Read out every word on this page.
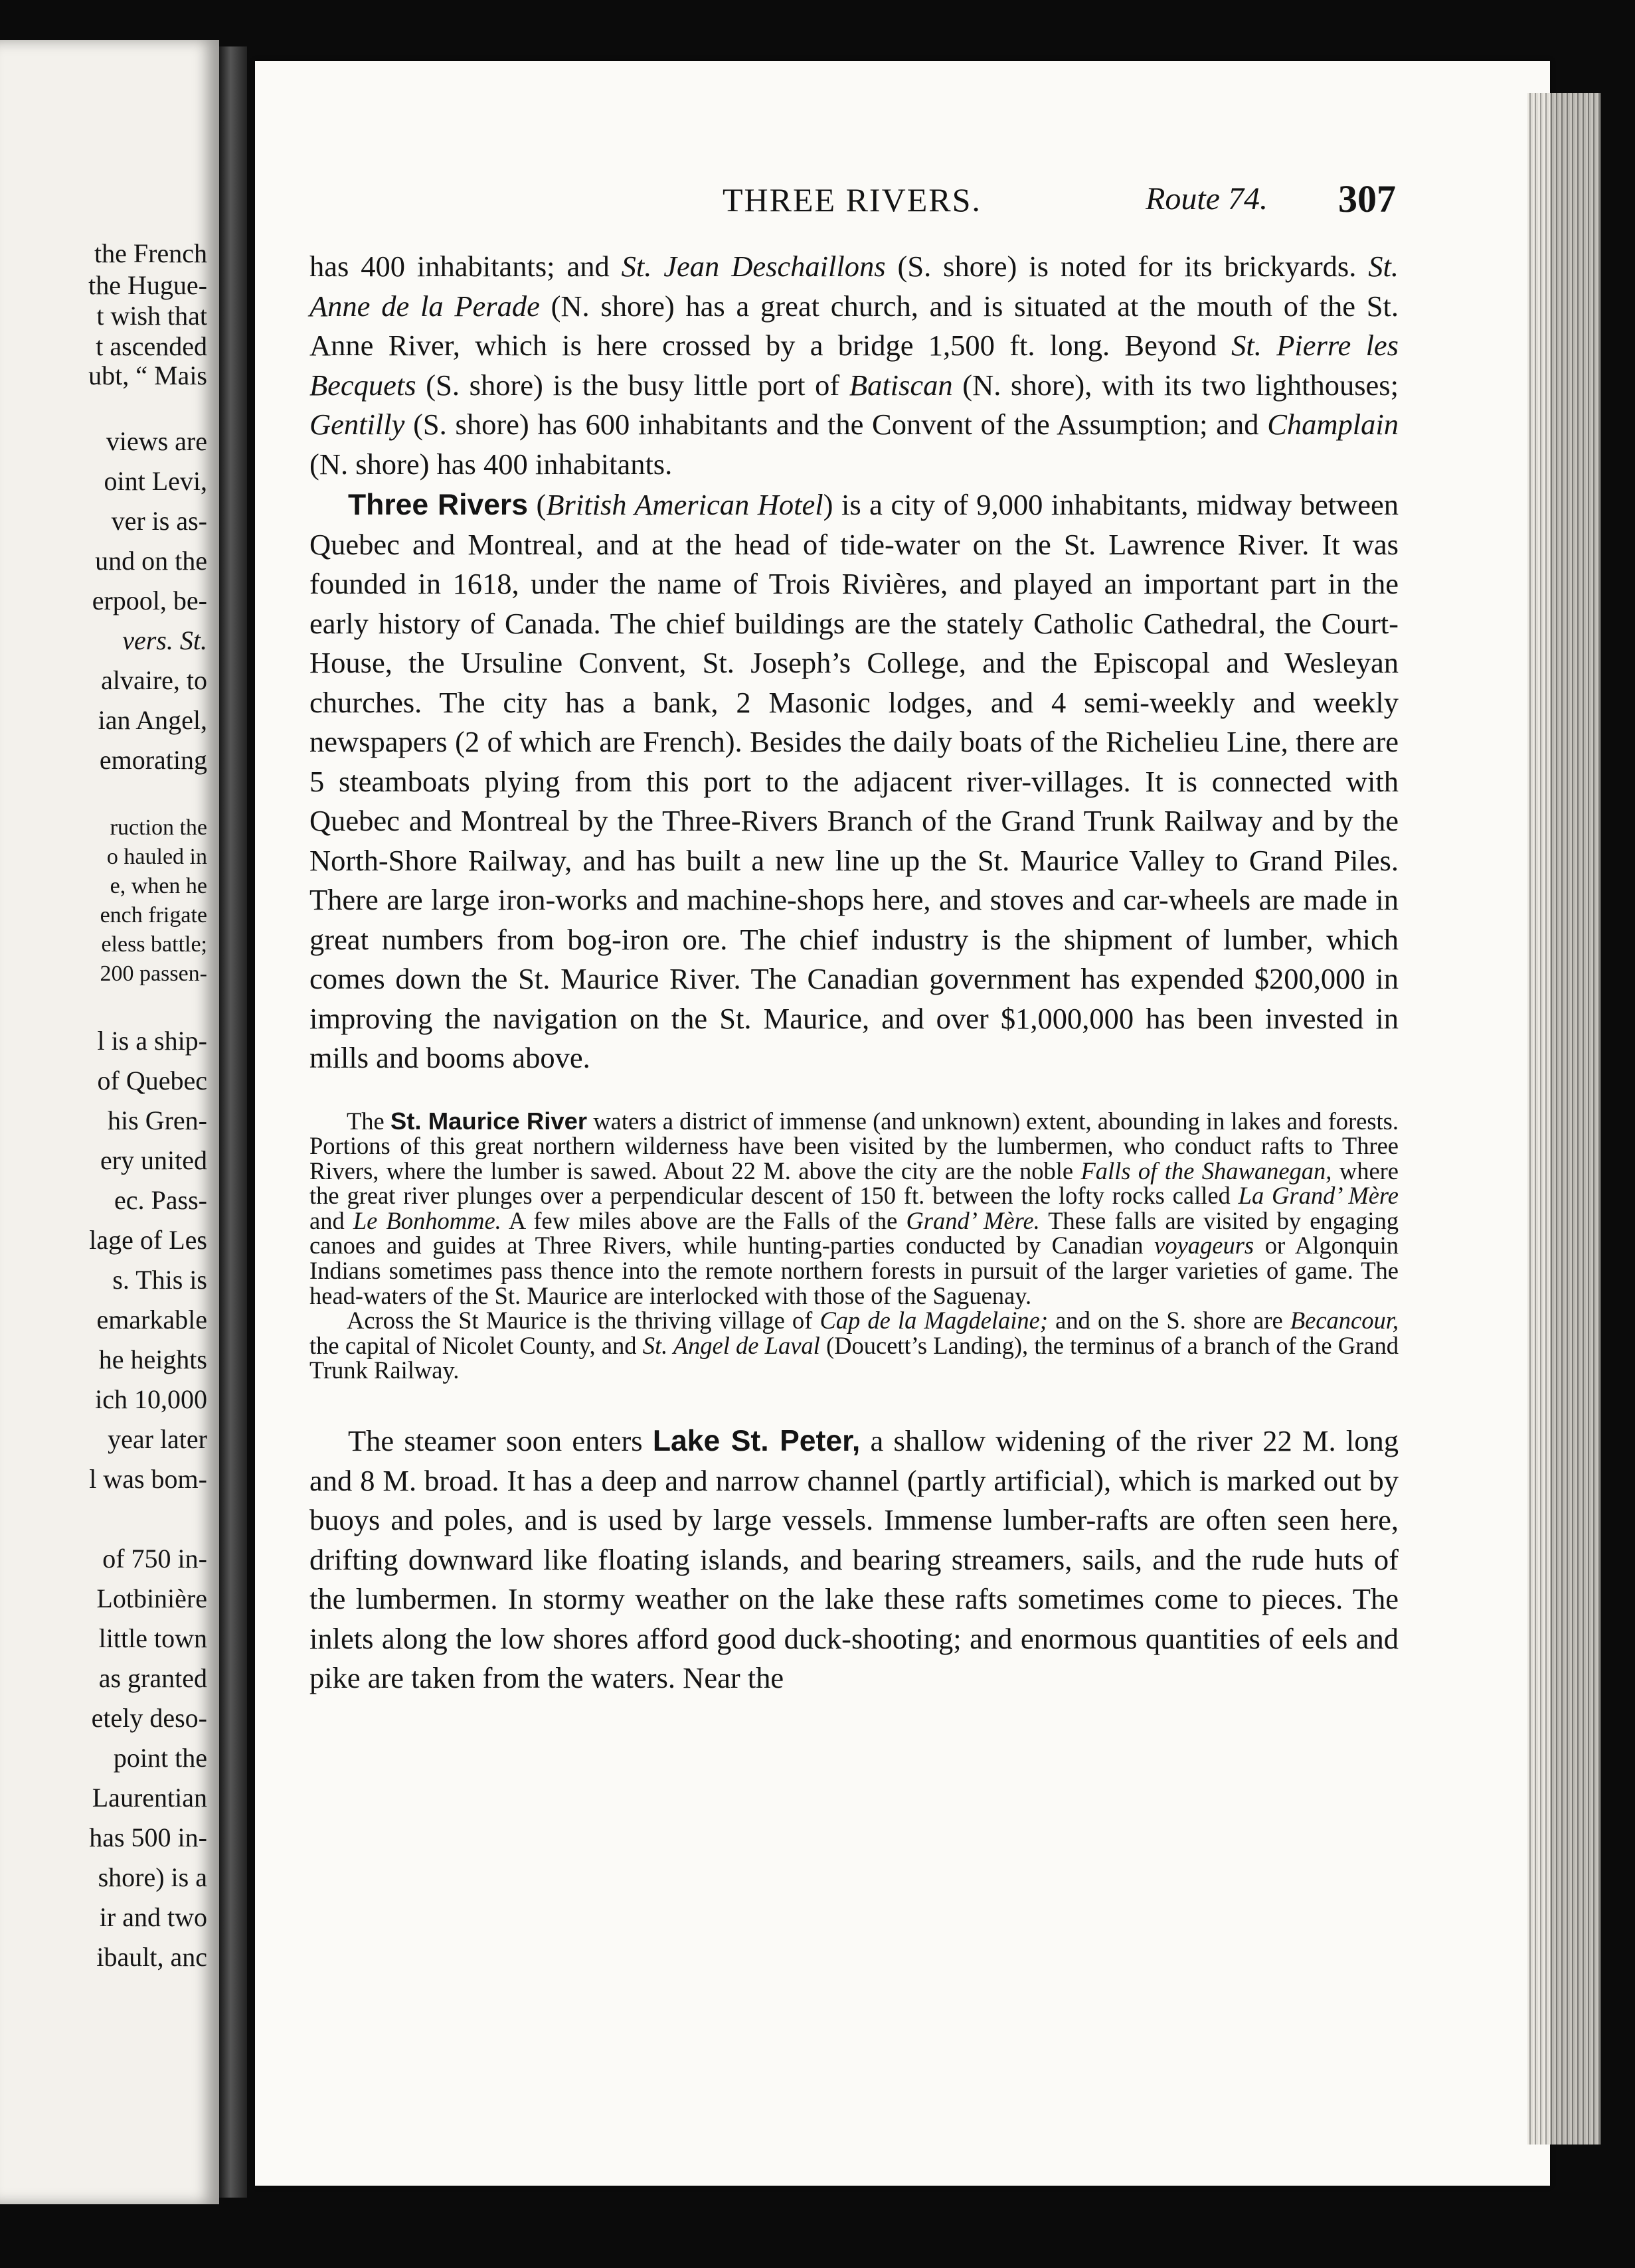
the French
the Hugue-
t wish that
t ascended
ubt, “ Mais
views are
oint Levi,
ver is as-
und on the
erpool, be-
vers. St.
alvaire, to
ian Angel,
emorating
ruction the
o hauled in
e, when he
ench frigate
eless battle;
200 passen-
l is a ship-
of Quebec
his Gren-
ery united
ec. Pass-
lage of Les
s. This is
emarkable
he heights
ich 10,000
year later
l was bom-
of 750 in-
Lotbinière
little town
as granted
etely deso-
point the
Laurentian
has 500 in-
shore) is a
ir and two
ibault, anc
THREE RIVERS.	Route 74. 307

has 400 inhabitants; and St. Jean Deschaillons (S. shore) is noted for its brickyards. St. Anne de la Perade (N. shore) has a great church, and is situated at the mouth of the St. Anne River, which is here crossed by a bridge 1,500 ft. long. Beyond St. Pierre les Becquets (S. shore) is the busy little port of Batiscan (N. shore), with its two lighthouses; Gentilly (S. shore) has 600 inhabitants and the Convent of the Assumption; and Champlain (N. shore) has 400 inhabitants.

Three Rivers (British American Hotel) is a city of 9,000 inhabitants, midway between Quebec and Montreal, and at the head of tide-water on the St. Lawrence River. It was founded in 1618, under the name of Trois Rivières, and played an important part in the early history of Canada. The chief buildings are the stately Catholic Cathedral, the Court-House, the Ursuline Convent, St. Joseph’s College, and the Episcopal and Wesleyan churches. The city has a bank, 2 Masonic lodges, and 4 semi-weekly and weekly newspapers (2 of which are French). Besides the daily boats of the Richelieu Line, there are 5 steamboats plying from this port to the adjacent river-villages. It is connected with Quebec and Montreal by the Three-Rivers Branch of the Grand Trunk Railway and by the North-Shore Railway, and has built a new line up the St. Maurice Valley to Grand Piles. There are large iron-works and machine-shops here, and stoves and car-wheels are made in great numbers from bog-iron ore. The chief industry is the shipment of lumber, which comes down the St. Maurice River. The Canadian government has expended $200,000 in improving the navigation on the St. Maurice, and over $1,000,000 has been invested in mills and booms above.

The St. Maurice River waters a district of immense (and unknown) extent, abounding in lakes and forests. Portions of this great northern wilderness have been visited by the lumbermen, who conduct rafts to Three Rivers, where the lumber is sawed. About 22 M. above the city are the noble Falls of the Shawanegan, where the great river plunges over a perpendicular descent of 150 ft. between the lofty rocks called La Grand’ Mère and Le Bonhomme. A few miles above are the Falls of the Grand’ Mère. These falls are visited by engaging canoes and guides at Three Rivers, while hunting-parties conducted by Canadian voyageurs or Algonquin Indians sometimes pass thence into the remote northern forests in pursuit of the larger varieties of game. The head-waters of the St. Maurice are interlocked with those of the Saguenay.

Across the St Maurice is the thriving village of Cap de la Magdelaine; and on the S. shore are Becancour, the capital of Nicolet County, and St. Angel de Laval (Doucett’s Landing), the terminus of a branch of the Grand Trunk Railway.

The steamer soon enters Lake St. Peter, a shallow widening of the river 22 M. long and 8 M. broad. It has a deep and narrow channel (partly artificial), which is marked out by buoys and poles, and is used by large vessels. Immense lumber-rafts are often seen here, drifting downward like floating islands, and bearing streamers, sails, and the rude huts of the lumbermen. In stormy weather on the lake these rafts sometimes come to pieces. The inlets along the low shores afford good duck-shooting; and enormous quantities of eels and pike are taken from the waters. Near the
